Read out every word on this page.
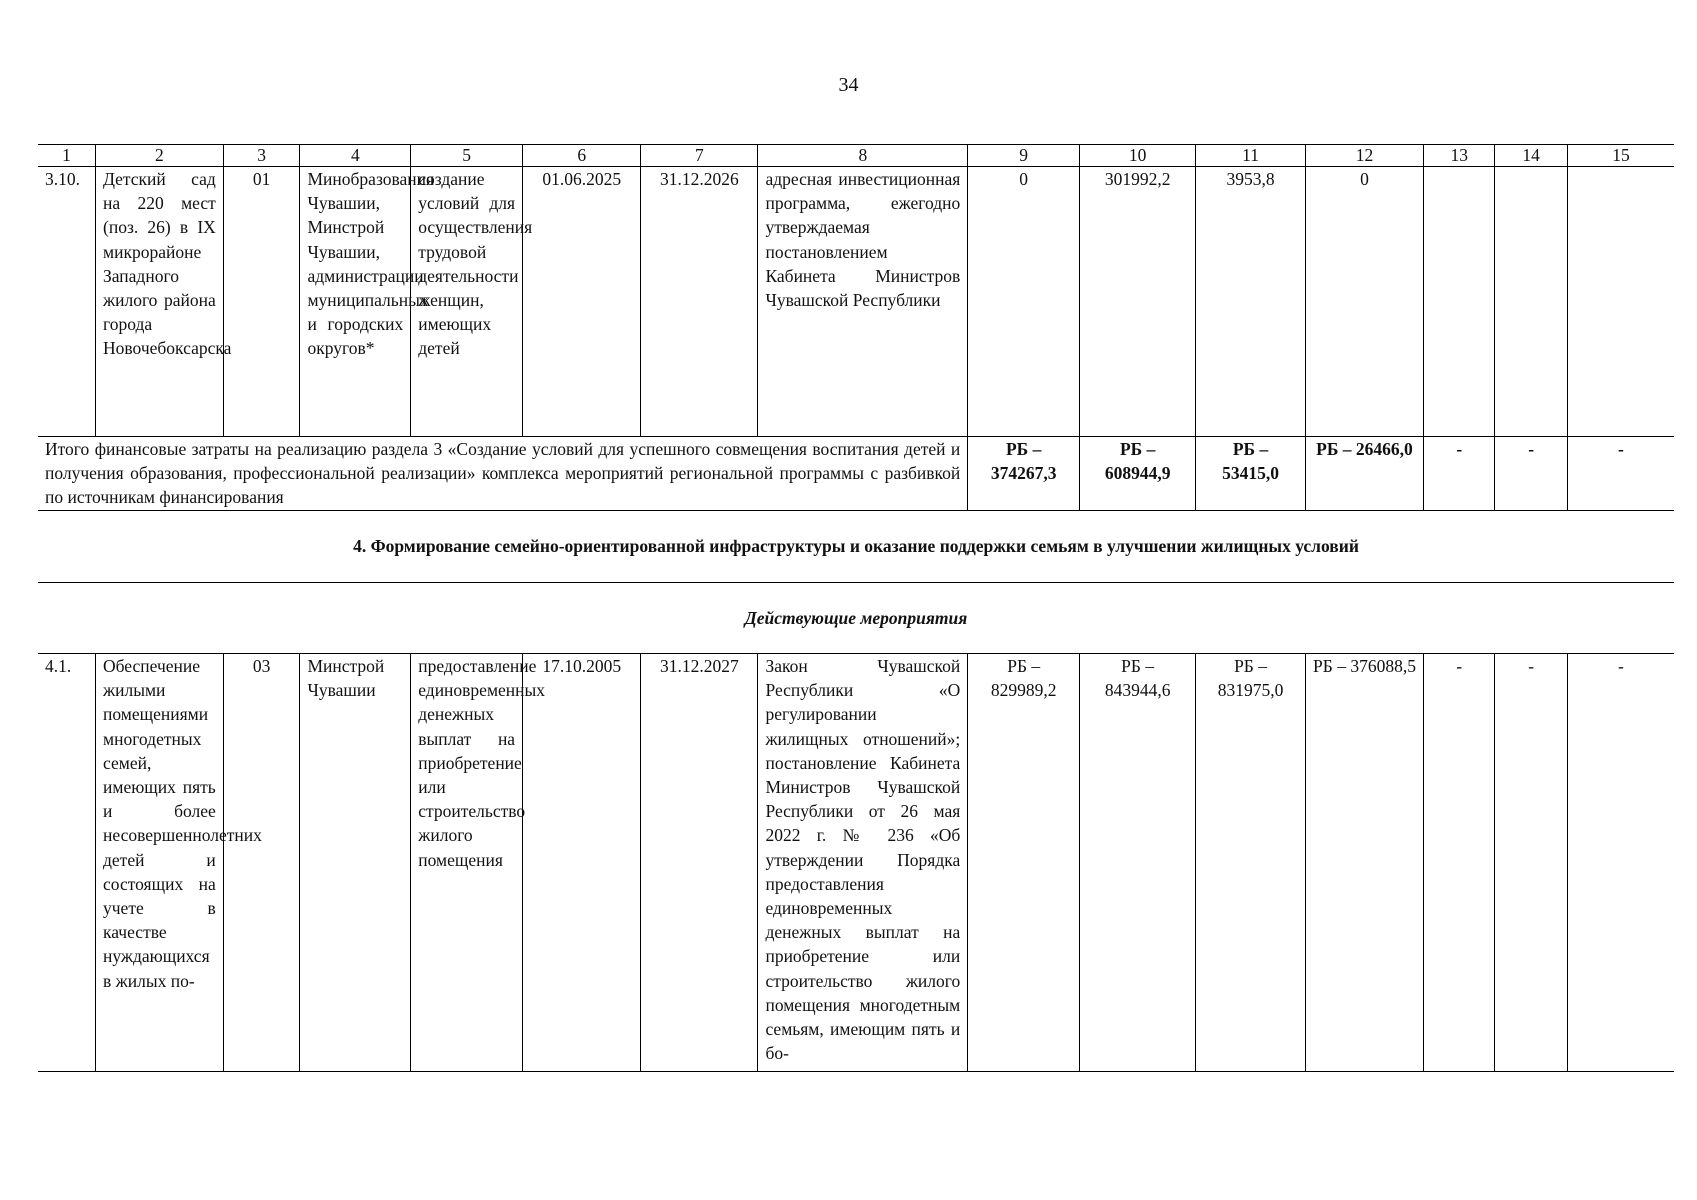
34
1	2	3	4	5	6	7	8	9	10	11	12	13	14	15
3.10.	Детский сад на 220 мест (поз. 26) в IX микрорайоне Западного жилого района города Новочебоксарска	01	Минобразования Чувашии, Минстрой Чувашии, администрации муниципальных и городских округов*	создание условий для осуществления трудовой деятельности женщин, имеющих детей	01.06.2025	31.12.2026	адресная инвестиционная программа, ежегодно утверждаемая постановлением Кабинета Министров Чувашской Республики	0	301992,2	3953,8	0			
Итого финансовые затраты на реализацию раздела 3 «Создание условий для успешного совмещения воспитания детей и получения образования, профессиональной реализации» комплекса мероприятий региональной программы с разбивкой по источникам финансирования								РБ – 374267,3	РБ – 608944,9	РБ – 53415,0	РБ – 26466,0	-	-	-
4. Формирование семейно-ориентированной инфраструктуры и оказание поддержки семьям в улучшении жилищных условий
Действующие мероприятия
4.1.	Обеспечение жилыми помещениями многодетных семей, имеющих пять и более несовершеннолетних детей и состоящих на учете в качестве нуждающихся в жилых по-	03	Минстрой Чувашии	предоставление единовременных денежных выплат на приобретение или строительство жилого помещения	17.10.2005	31.12.2027	Закон Чувашской Республики «О регулировании жилищных отношений»; постановление Кабинета Министров Чувашской Республики от 26 мая 2022 г. № 236 «Об утверждении Порядка предоставления единовременных денежных выплат на приобретение или строительство жилого помещения многодетным семьям, имеющим пять и бо-	РБ – 829989,2	РБ – 843944,6	РБ – 831975,0	РБ – 376088,5	-	-	-
